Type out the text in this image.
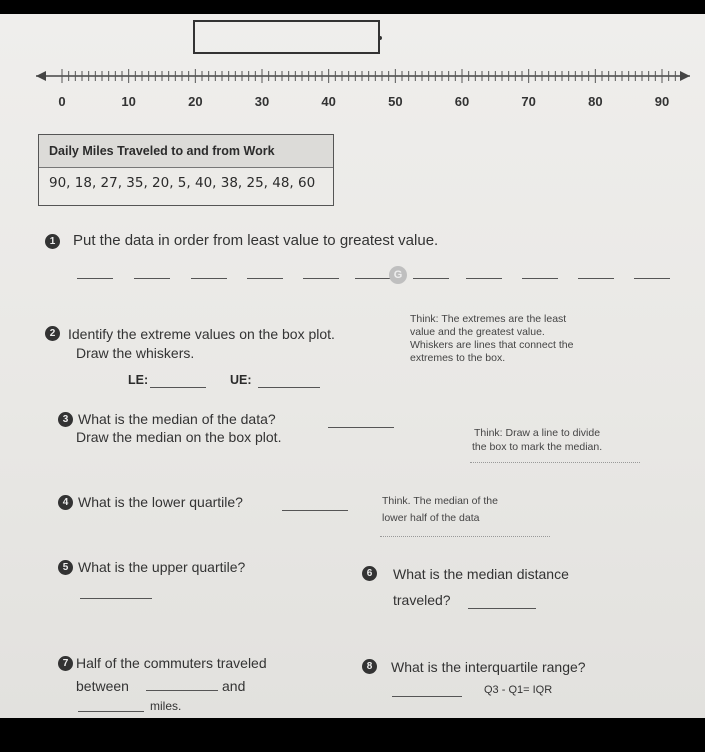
0	10	20	30	40	50	60	70	80	90
Daily Miles Traveled to and from Work
90, 18, 27, 35, 20, 5, 40, 38, 25, 48, 60
1	Put the data in order from least value to greatest value.
G
2 Identify the extreme values on the box plot.
Draw the whiskers.
LE:	UE:
Think: The extremes are the least
value and the greatest value.
Whiskers are lines that connect the
extremes to the box.
3 What is the median of the data?
Draw the median on the box plot.	Think: Draw a line to divide
the box to mark the median.
4 What is the lower quartile?	Think. The median of the
lower half of the data
5 What is the upper quartile?	6	What is the median distance
traveled?
7 Half of the commuters traveled
between	and
miles.
8	What is the interquartile range?
Q3 - Q1= IQR
